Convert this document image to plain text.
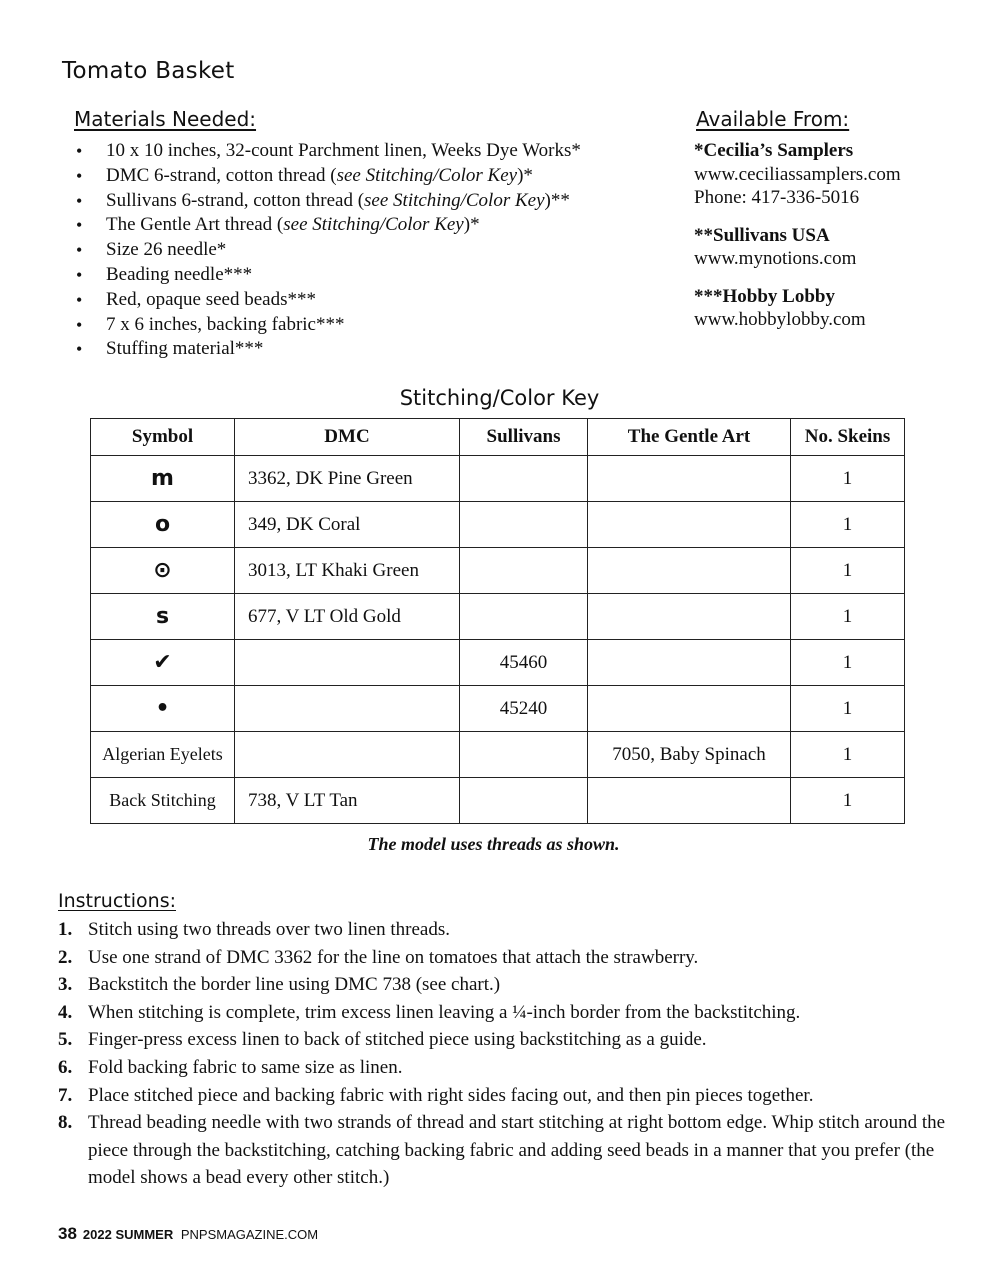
Tomato Basket
Materials Needed:
• 10 x 10 inches, 32-count Parchment linen, Weeks Dye Works*
• DMC 6-strand, cotton thread (see Stitching/Color Key)*
• Sullivans 6-strand, cotton thread (see Stitching/Color Key)**
• The Gentle Art thread (see Stitching/Color Key)*
• Size 26 needle*
• Beading needle***
• Red, opaque seed beads***
• 7 x 6 inches, backing fabric***
• Stuffing material***
Available From:
*Cecilia’s Samplers
www.ceciliassamplers.com
Phone: 417-336-5016
**Sullivans USA
www.mynotions.com
***Hobby Lobby
www.hobbylobby.com
Stitching/Color Key
Symbol	DMC	Sullivans	The Gentle Art	No. Skeins
m	3362, DK Pine Green			1
o	349, DK Coral			1
⊙	3013, LT Khaki Green			1
s	677, V LT Old Gold			1
✔		45460		1
•		45240		1
Algerian Eyelets			7050, Baby Spinach	1
Back Stitching	738, V LT Tan			1
The model uses threads as shown.
Instructions:
1. Stitch using two threads over two linen threads.
2. Use one strand of DMC 3362 for the line on tomatoes that attach the strawberry.
3. Backstitch the border line using DMC 738 (see chart.)
4. When stitching is complete, trim excess linen leaving a ¼-inch border from the backstitching.
5. Finger-press excess linen to back of stitched piece using backstitching as a guide.
6. Fold backing fabric to same size as linen.
7. Place stitched piece and backing fabric with right sides facing out, and then pin pieces together.
8. Thread beading needle with two strands of thread and start stitching at right bottom edge. Whip stitch around the piece through the backstitching, catching backing fabric and adding seed beads in a manner that you prefer (the model shows a bead every other stitch.)
38 2022 SUMMER PNPSMAGAZINE.COM
